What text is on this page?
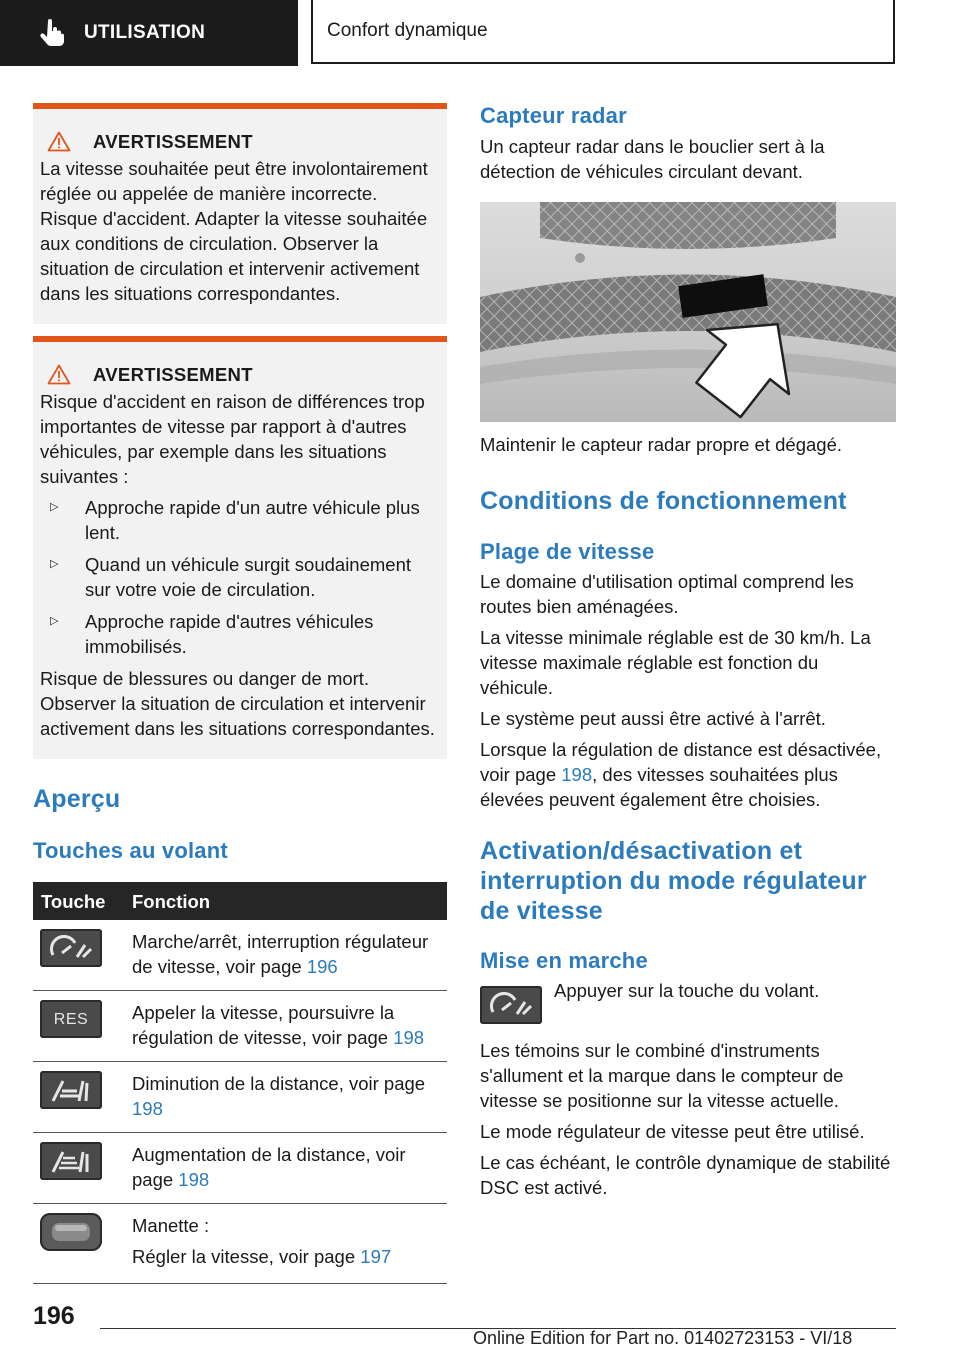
UTILISATION	Confort dynamique
AVERTISSEMENT

La vitesse souhaitée peut être involontairement réglée ou appelée de manière incorrecte. Risque d'accident. Adapter la vitesse souhaitée aux conditions de circulation. Observer la situation de circulation et intervenir activement dans les situations correspondantes.

AVERTISSEMENT

Risque d'accident en raison de différences trop importantes de vitesse par rapport à d'autres véhicules, par exemple dans les situations suivantes :

▷	Approche rapide d'un autre véhicule plus lent.
▷	Quand un véhicule surgit soudainement sur votre voie de circulation.
▷	Approche rapide d'autres véhicules immobilisés.

Risque de blessures ou danger de mort. Observer la situation de circulation et intervenir activement dans les situations correspondantes.

Aperçu
Touches au volant
Touche	Fonction

	Marche/arrêt, interruption régulateur de vitesse, voir page 196

RES	Appeler la vitesse, poursuivre la régulation de vitesse, voir page 198

	Diminution de la distance, voir page 198

	Augmentation de la distance, voir page 198

Manette :
Régler la vitesse, voir page 197
Capteur radar

Un capteur radar dans le bouclier sert à la détection de véhicules circulant devant.

Maintenir le capteur radar propre et dégagé.

Conditions de fonctionnement
Plage de vitesse

Le domaine d'utilisation optimal comprend les routes bien aménagées.

La vitesse minimale réglable est de 30 km/h. La vitesse maximale réglable est fonction du véhicule.

Le système peut aussi être activé à l'arrêt.

Lorsque la régulation de distance est désactivée, voir page 198, des vitesses souhaitées plus élevées peuvent également être choisies.

Activation/désactivation et interruption du mode régulateur de vitesse
Mise en marche
Appuyer sur la touche du volant.

Les témoins sur le combiné d'instruments s'allument et la marque dans le compteur de vitesse se positionne sur la vitesse actuelle.

Le mode régulateur de vitesse peut être utilisé.

Le cas échéant, le contrôle dynamique de stabilité DSC est activé.

196
Online Edition for Part no. 01402723153 - VI/18
